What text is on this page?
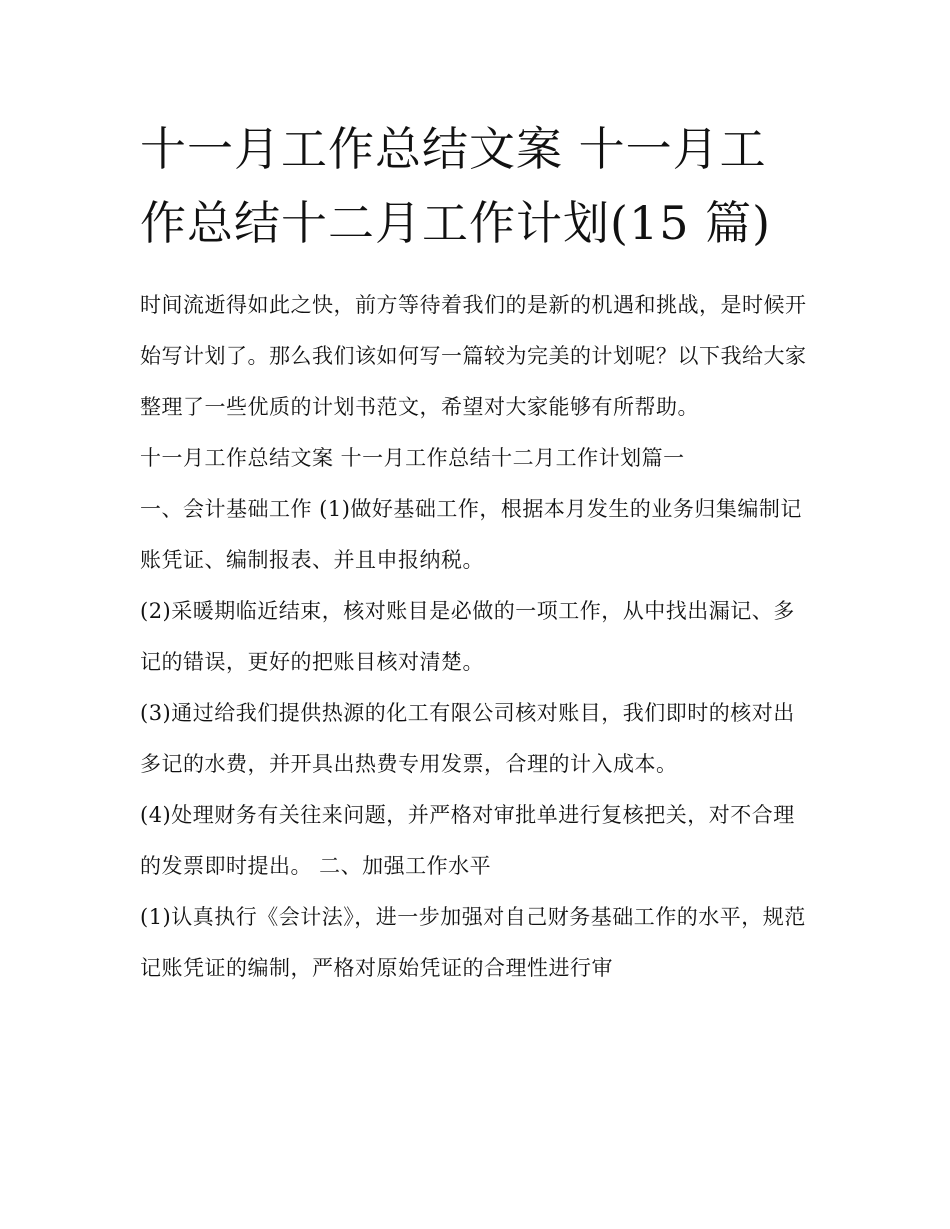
十一月工作总结文案 十一月工作总结十二月工作计划(15 篇)

时间流逝得如此之快，前方等待着我们的是新的机遇和挑战，是时候开始写计划了。那么我们该如何写一篇较为完美的计划呢？以下我给大家整理了一些优质的计划书范文，希望对大家能够有所帮助。

十一月工作总结文案 十一月工作总结十二月工作计划篇一

一、会计基础工作 (1)做好基础工作，根据本月发生的业务归集编制记账凭证、编制报表、并且申报纳税。

(2)采暖期临近结束，核对账目是必做的一项工作，从中找出漏记、多记的错误，更好的把账目核对清楚。

(3)通过给我们提供热源的化工有限公司核对账目，我们即时的核对出多记的水费，并开具出热费专用发票，合理的计入成本。

(4)处理财务有关往来问题，并严格对审批单进行复核把关，对不合理的发票即时提出。 二、加强工作水平

(1)认真执行《会计法》，进一步加强对自己财务基础工作的水平，规范记账凭证的编制，严格对原始凭证的合理性进行审
